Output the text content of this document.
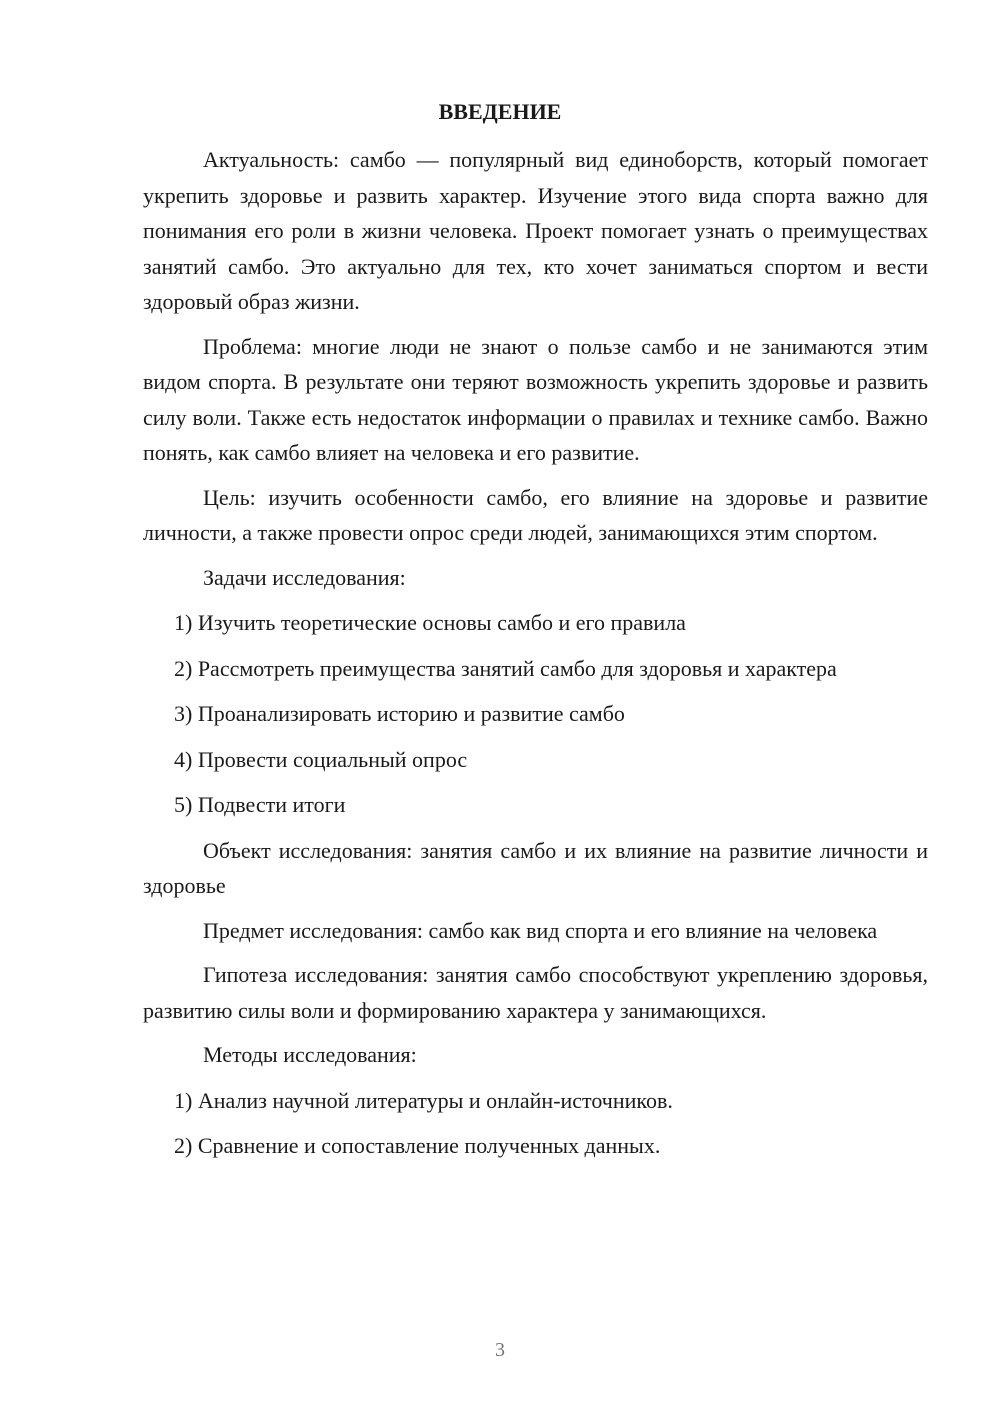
ВВЕДЕНИЕ

Актуальность: самбо — популярный вид единоборств, который помогает укрепить здоровье и развить характер. Изучение этого вида спорта важно для понимания его роли в жизни человека. Проект помогает узнать о преимуществах занятий самбо. Это актуально для тех, кто хочет заниматься спортом и вести здоровый образ жизни.

Проблема: многие люди не знают о пользе самбо и не занимаются этим видом спорта. В результате они теряют возможность укрепить здоровье и развить силу воли. Также есть недостаток информации о правилах и технике самбо. Важно понять, как самбо влияет на человека и его развитие.

Цель: изучить особенности самбо, его влияние на здоровье и развитие личности, а также провести опрос среди людей, занимающихся этим спортом.

Задачи исследования:

1) Изучить теоретические основы самбо и его правила
2) Рассмотреть преимущества занятий самбо для здоровья и характера
3) Проанализировать историю и развитие самбо
4) Провести социальный опрос
5) Подвести итоги

Объект исследования: занятия самбо и их влияние на развитие личности и здоровье

Предмет исследования: самбо как вид спорта и его влияние на человека

Гипотеза исследования: занятия самбо способствуют укреплению здоровья, развитию силы воли и формированию характера у занимающихся.

Методы исследования:

1) Анализ научной литературы и онлайн-источников.
2) Сравнение и сопоставление полученных данных.
3
